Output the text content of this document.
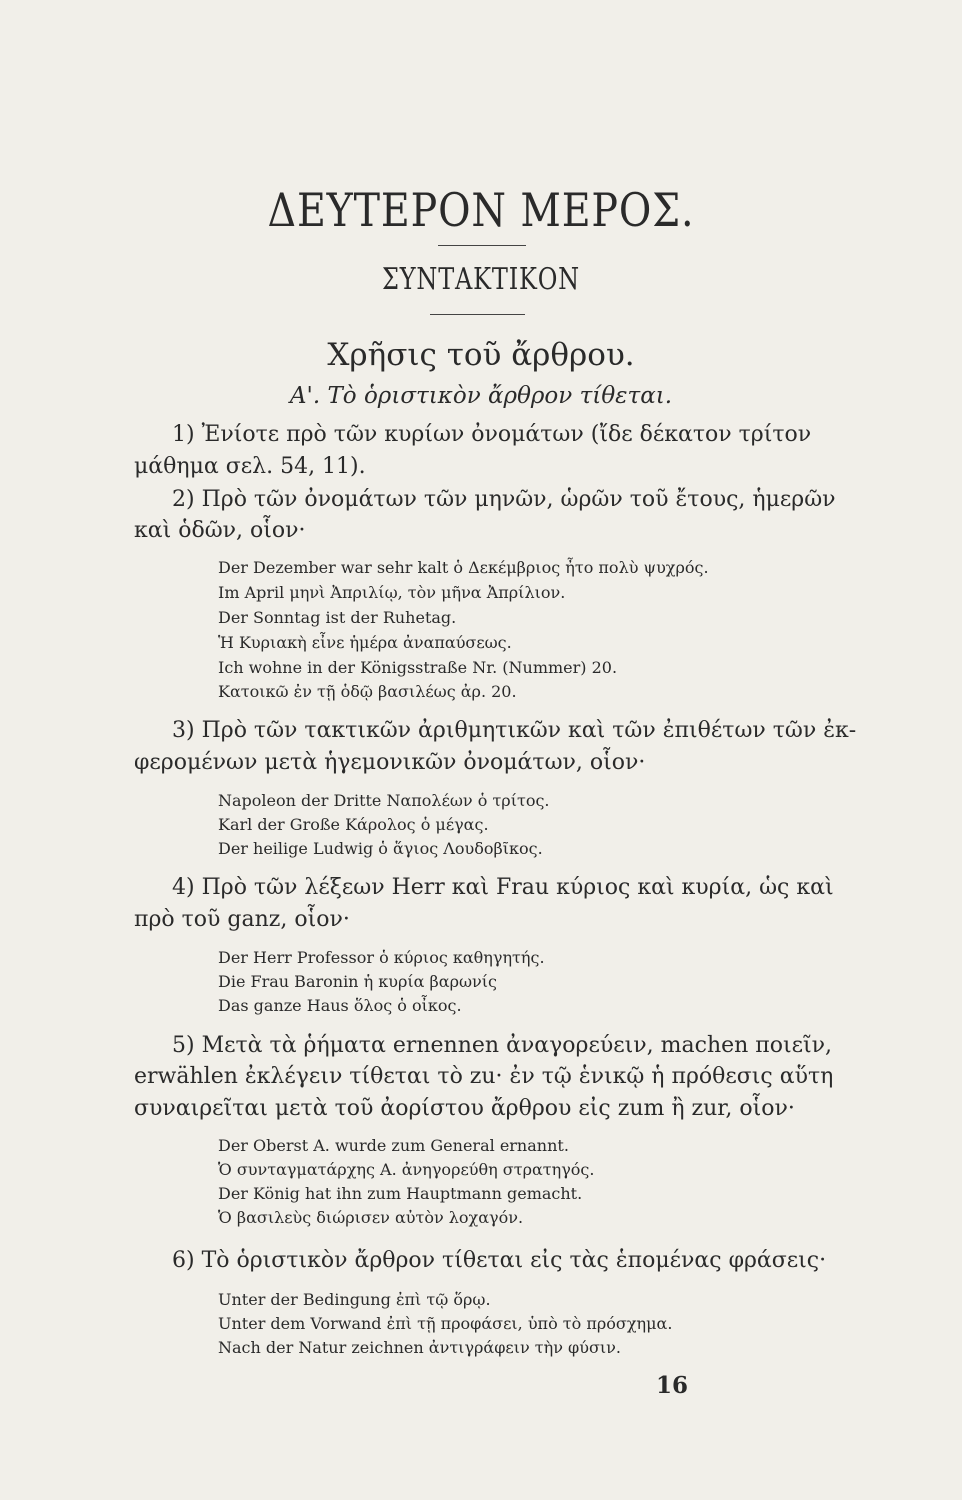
ΔΕΥΤΕΡΟΝ ΜΕΡΟΣ.
ΣΥΝΤΑΚΤΙΚΟΝ
Χρῆσις τοῦ ἄρθρου.
Α'. Τὸ ὁριστικὸν ἄρθρον τίθεται.
1) Ἐνίοτε πρὸ τῶν κυρίων ὀνομάτων (ἴδε δέκατον τρίτον
μάθημα σελ. 54, 11).
2) Πρὸ τῶν ὀνομάτων τῶν μηνῶν, ὡρῶν τοῦ ἔτους, ἡμερῶν
καὶ ὁδῶν, οἷον·
Der Dezember war sehr kalt ὁ Δεκέμβριος ἦτο πολὺ ψυχρός.
Im April μηνὶ Ἀπριλίῳ, τὸν μῆνα Ἀπρίλιον.
Der Sonntag ist der Ruhetag.
Ἡ Κυριακὴ εἶνε ἡμέρα ἀναπαύσεως.
Ich wohne in der Königsstraße Nr. (Nummer) 20.
Κατοικῶ ἐν τῇ ὁδῷ βασιλέως ἀρ. 20.
3) Πρὸ τῶν τακτικῶν ἀριθμητικῶν καὶ τῶν ἐπιθέτων τῶν ἐκ-
φερομένων μετὰ ἡγεμονικῶν ὀνομάτων, οἷον·
Napoleon der Dritte Ναπολέων ὁ τρίτος.
Karl der Große Κάρολος ὁ μέγας.
Der heilige Ludwig ὁ ἅγιος Λουδοβῖκος.
4) Πρὸ τῶν λέξεων Herr καὶ Frau κύριος καὶ κυρία, ὡς καὶ
πρὸ τοῦ ganz, οἷον·
Der Herr Professor ὁ κύριος καθηγητής.
Die Frau Baronin ἡ κυρία βαρωνίς
Das ganze Haus ὅλος ὁ οἶκος.
5) Μετὰ τὰ ῥήματα ernennen ἀναγορεύειν, machen ποιεῖν,
erwählen ἐκλέγειν τίθεται τὸ zu· ἐν τῷ ἑνικῷ ἡ πρόθεσις αὕτη
συναιρεῖται μετὰ τοῦ ἀορίστου ἄρθρου εἰς zum ἢ zur, οἷον·
Der Oberst A. wurde zum General ernannt.
Ὁ συνταγματάρχης Α. ἀνηγορεύθη στρατηγός.
Der König hat ihn zum Hauptmann gemacht.
Ὁ βασιλεὺς διώρισεν αὐτὸν λοχαγόν.
6) Τὸ ὁριστικὸν ἄρθρον τίθεται εἰς τὰς ἑπομένας φράσεις·
Unter der Bedingung ἐπὶ τῷ ὅρῳ.
Unter dem Vorwand ἐπὶ τῇ προφάσει, ὑπὸ τὸ πρόσχημα.
Nach der Natur zeichnen ἀντιγράφειν τὴν φύσιν.
16
